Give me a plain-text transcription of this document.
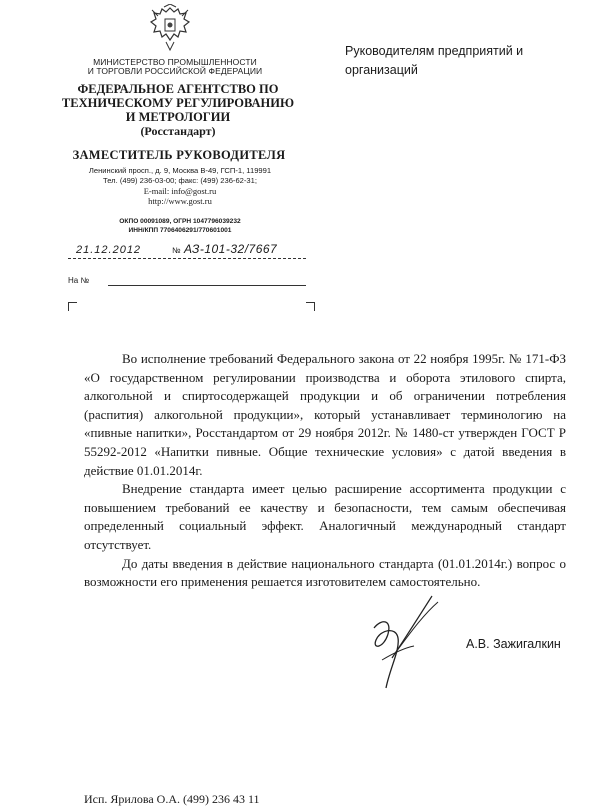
МИНИСТЕРСТВО ПРОМЫШЛЕННОСТИ
И ТОРГОВЛИ РОССИЙСКОЙ ФЕДЕРАЦИИ
ФЕДЕРАЛЬНОЕ АГЕНТСТВО ПО
ТЕХНИЧЕСКОМУ РЕГУЛИРОВАНИЮ
И МЕТРОЛОГИИ
(Росстандарт)
ЗАМЕСТИТЕЛЬ РУКОВОДИТЕЛЯ
Ленинский просп., д. 9, Москва В-49, ГСП-1, 119991
Тел. (499) 236-03-00; факс: (499) 236-62-31;
E-mail: info@gost.ru
http://www.gost.ru
ОКПО 00091089, ОГРН 1047796039232
ИНН/КПП 7706406291/770601001
21.12.2012	№ АЗ-101-32/7667
На №
Руководителям предприятий и
организаций

Во исполнение требований Федерального закона от 22 ноября 1995г. № 171-ФЗ «О государственном регулировании производства и оборота этилового спирта, алкогольной и спиртосодержащей продукции и об ограничении потребления (распития) алкогольной продукции», который устанавливает терминологию на «пивные напитки», Росстандартом от 29 ноября 2012г. № 1480-ст утвержден ГОСТ Р 55292-2012 «Напитки пивные. Общие технические условия» с датой введения в действие 01.01.2014г.

Внедрение стандарта имеет целью расширение ассортимента продукции с повышением требований ее качеству и безопасности, тем самым обеспечивая определенный социальный эффект. Аналогичный международный стандарт отсутствует.

До даты введения в действие национального стандарта (01.01.2014г.) вопрос о возможности его применения решается изготовителем самостоятельно.

А.В. Зажигалкин
Исп. Ярилова О.А. (499) 236 43 11
